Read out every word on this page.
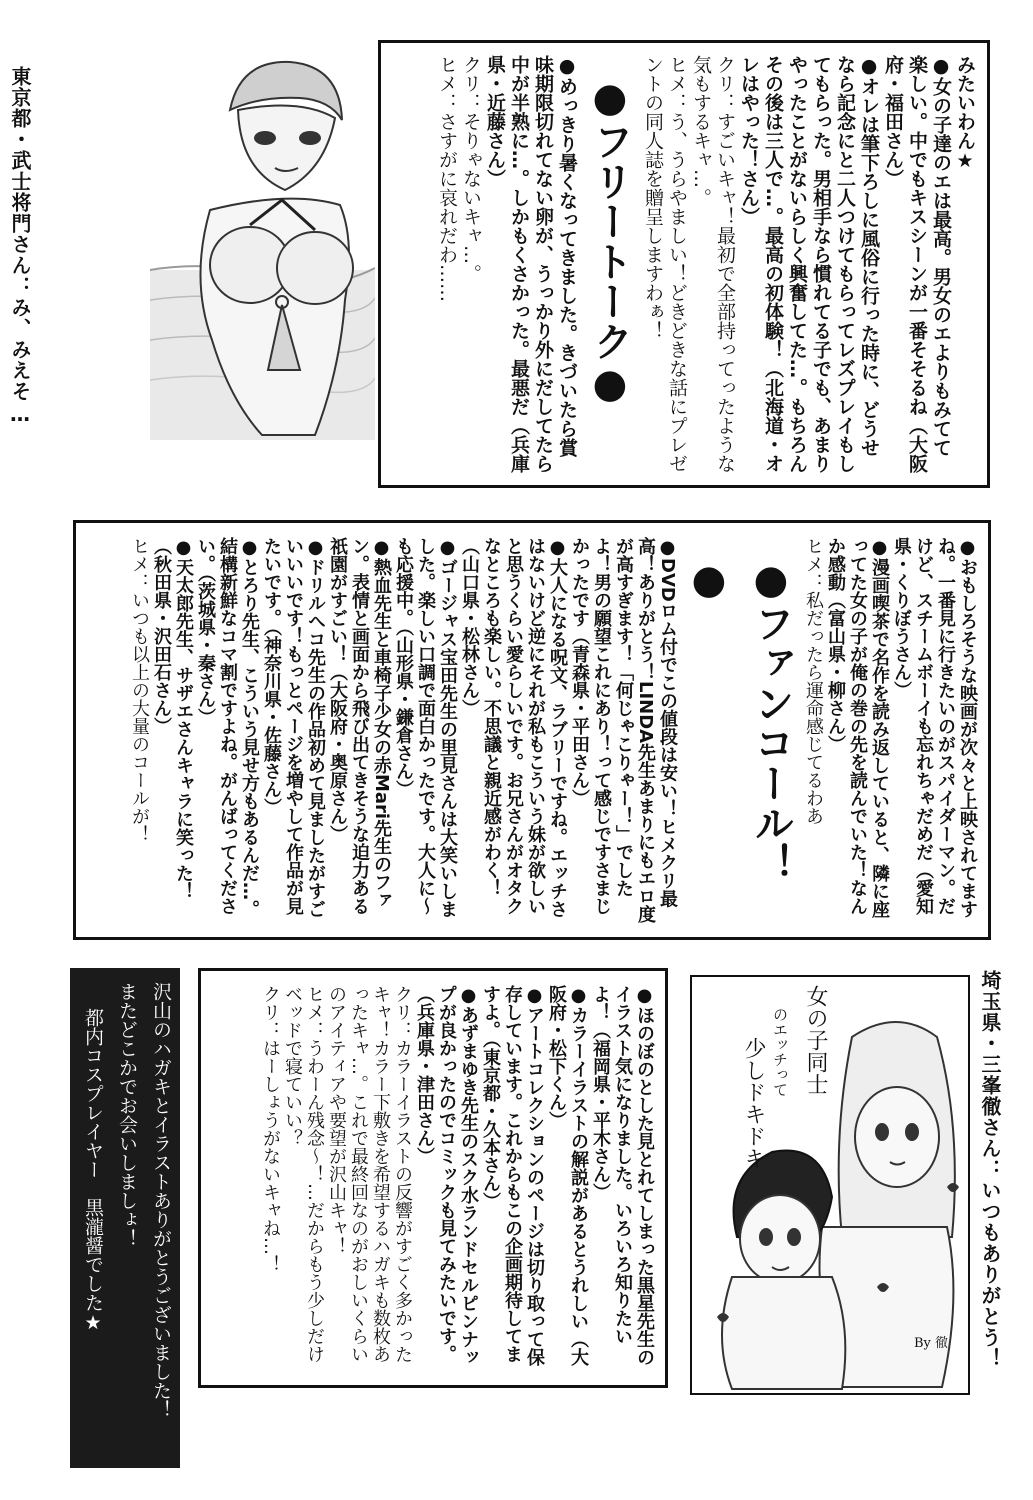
東京都・武士将門さん：み、みえそ…	みたいわん★

●女の子達のエは最高。男女のエよりもみてて楽しい。中でもキスシーンが一番そそるね（大阪府・福田さん）

●オレは筆下ろしに風俗に行った時に、どうせなら記念にと二人つけてもらってレズプレイもしてもらった。男相手なら慣れてる子でも、あまりやったことがないらしく興奮してた…。もちろんその後は三人で…。最高の初体験！（北海道・オレはやった！さん）

クリ：すごいキャ！最初で全部持ってったような気もするキャ…。

ヒメ：う、うらやましい！どきどきな話にプレゼントの同人誌を贈呈しますわぁ！

●フリートーク●

●めっきり暑くなってきました。きづいたら賞味期限切れてない卵が、うっかり外にだしてたら中が半熟に…。しかもくさかった。最悪だ（兵庫県・近藤さん）

クリ：そりゃないキャ…。

ヒメ：さすがに哀れだわ……

●おもしろそうな映画が次々と上映されてますね。一番見に行きたいのがスパイダーマン。だけど、スチームボーイも忘れちゃだめだ（愛知県・くりぼうさん）

●漫画喫茶で名作を読み返していると、隣に座ってた女の子が俺の巻の先を読んでいた！なんか感動（富山県・柳さん）

ヒメ：私だったら運命感じてるわあ

●ファンコール！●

●DVDロム付でこの値段は安い！ヒメクリ最高！ありがとう！LINDA先生あまりにもエロ度が高すぎます！「何じゃこりゃー！」でしたよ！男の願望これにあり！って感じですさまじかったです（青森県・平田さん）

●大人になる呪文、ラブリーですね。エッチさはないけど逆にそれが私もこういう妹が欲しいと思うくらい愛らしいです。お兄さんがオタクなところも楽しい。不思議と親近感がわく！（山口県・松林さん）

●ゴージャス宝田先生の里見さんは大笑いしました。楽しい口調で面白かったです。大人に～も応援中。（山形県・鎌倉さん）

●熱血先生と車椅子少女の赤Mari先生のファン。表情と画面から飛び出てきそうな迫力ある祇園がすごい！（大阪府・奥原さん）

●ドリルへコ先生の作品初めて見ましたがすごいいいです！もっとページを増やして作品が見たいです。（神奈川県・佐藤さん）

●とろり先生、こういう見せ方もあるんだ…。結構新鮮なコマ割ですよね。がんばってください。（茨城県・秦さん）

●天太郎先生、サザエさんキャラに笑った！（秋田県・沢田石さん）

ヒメ：いつも以上の大量のコールが！

埼玉県・三峯徹さん：いつもありがとう！
女の子同士
のエッチって
少しドキドキ
By 徹

●ほのぼのとした見とれてしまった黒星先生のイラスト気になりました。いろいろ知りたいよ！（福岡県・平木さん）

●カラーイラストの解説があるとうれしい（大阪府・松下くん）

●アートコレクションのページは切り取って保存しています。これからもこの企画期待してますよ。（東京都・久本さん）

●あずまゆき先生のスク水ランドセルピンナップが良かったのでコミックも見てみたいです。（兵庫県・津田さん）

クリ：カラーイラストの反響がすごく多かったキャ！カラー下敷きを希望するハガキも数枚あったキャ…。これで最終回なのがおしいくらいのアイティアや要望が沢山キャ！

ヒメ：うわーん残念～！…だからもう少しだけベッドで寝ていい？

クリ：はーしょうがないキャね…！

沢山のハガキとイラストありがとうございました！
またどこかでお会いしましょ！
都内コスプレイヤー　黒瀧醤でした★
